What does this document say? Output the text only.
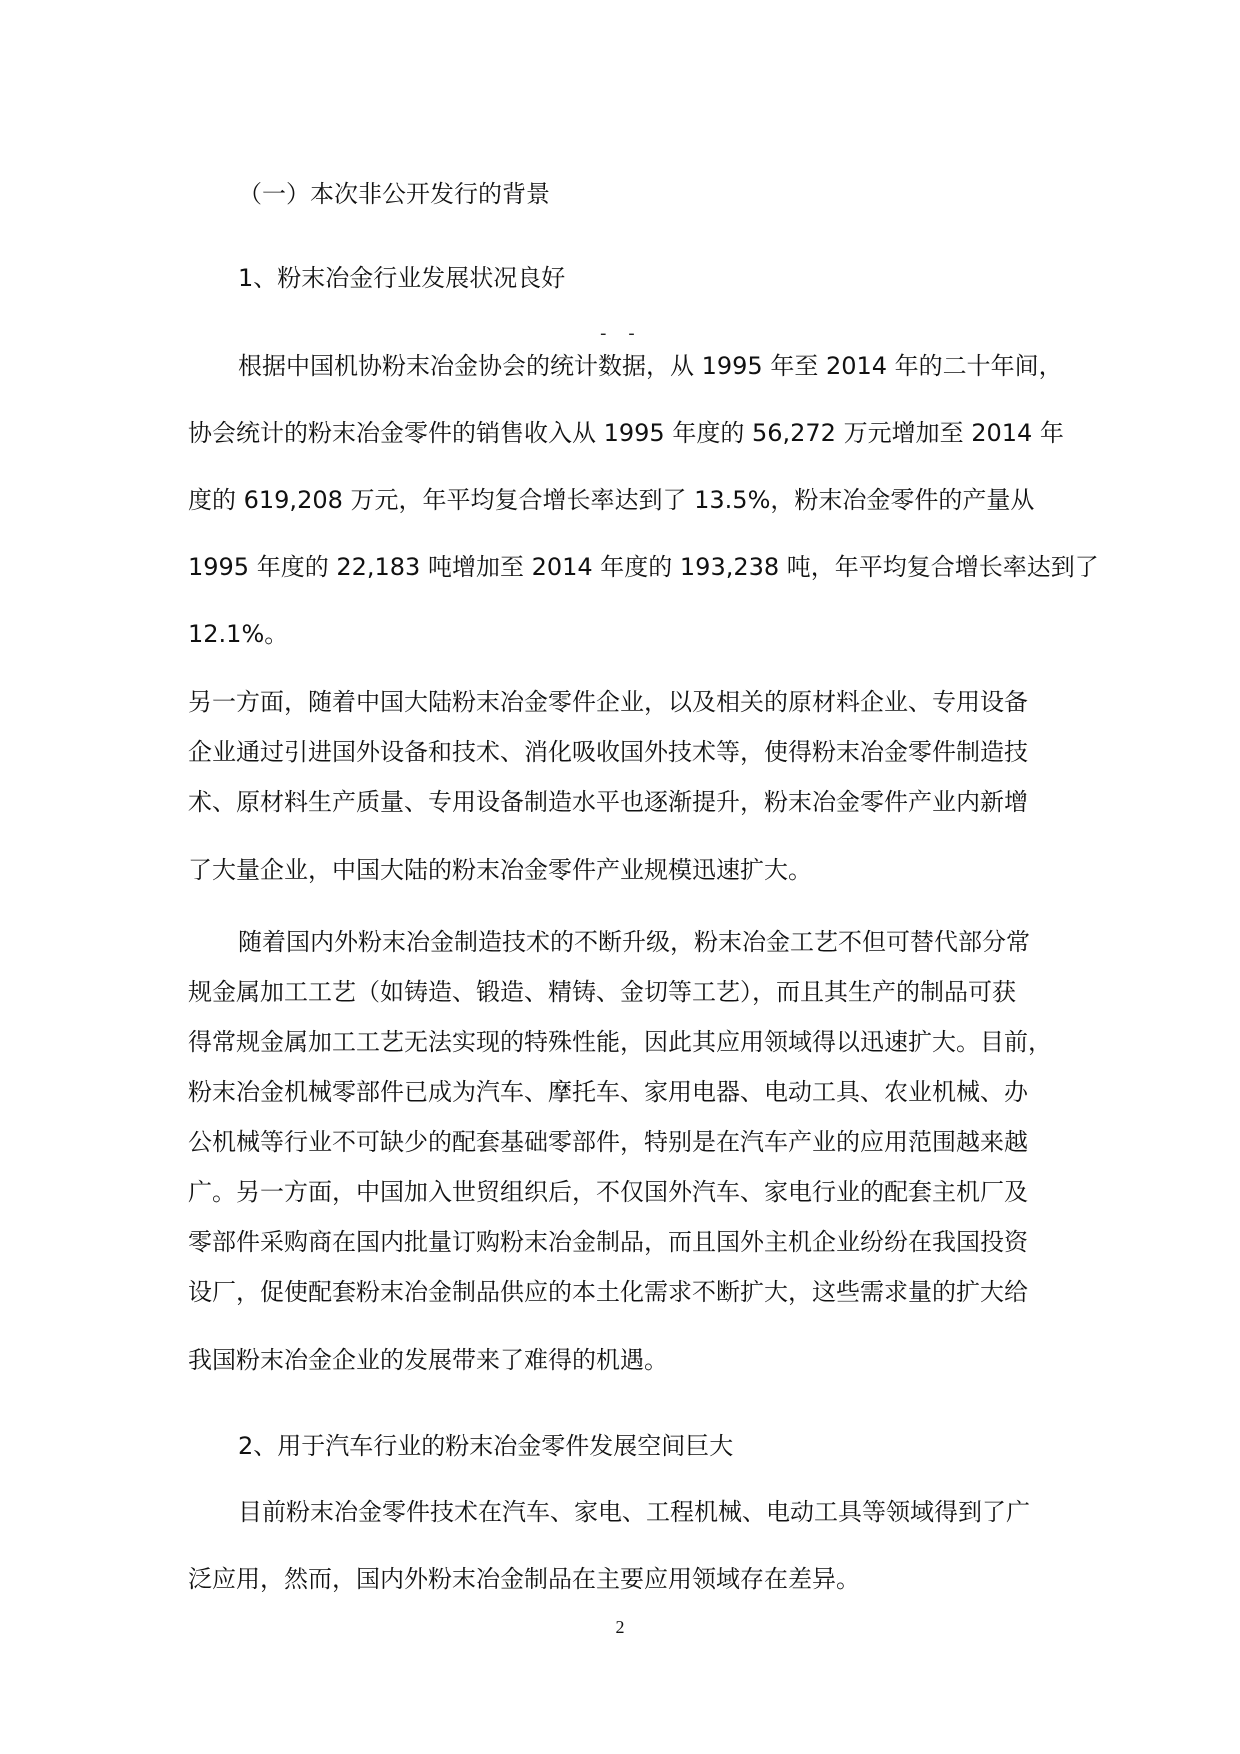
（一）本次非公开发行的背景

1、粉末冶金行业发展状况良好

- -

根据中国机协粉末冶金协会的统计数据，从 1995 年至 2014 年的二十年间，

协会统计的粉末冶金零件的销售收入从 1995 年度的 56,272 万元增加至 2014 年

度的 619,208 万元，年平均复合增长率达到了 13.5%，粉末冶金零件的产量从

1995 年度的 22,183 吨增加至 2014 年度的 193,238 吨，年平均复合增长率达到了

12.1%。

另一方面，随着中国大陆粉末冶金零件企业，以及相关的原材料企业、专用设备

企业通过引进国外设备和技术、消化吸收国外技术等，使得粉末冶金零件制造技

术、原材料生产质量、专用设备制造水平也逐渐提升，粉末冶金零件产业内新增

了大量企业，中国大陆的粉末冶金零件产业规模迅速扩大。

随着国内外粉末冶金制造技术的不断升级，粉末冶金工艺不但可替代部分常

规金属加工工艺（如铸造、锻造、精铸、金切等工艺），而且其生产的制品可获

得常规金属加工工艺无法实现的特殊性能，因此其应用领域得以迅速扩大。目前，

粉末冶金机械零部件已成为汽车、摩托车、家用电器、电动工具、农业机械、办

公机械等行业不可缺少的配套基础零部件，特别是在汽车产业的应用范围越来越

广。另一方面，中国加入世贸组织后，不仅国外汽车、家电行业的配套主机厂及

零部件采购商在国内批量订购粉末冶金制品，而且国外主机企业纷纷在我国投资

设厂，促使配套粉末冶金制品供应的本土化需求不断扩大，这些需求量的扩大给

我国粉末冶金企业的发展带来了难得的机遇。

2、用于汽车行业的粉末冶金零件发展空间巨大

目前粉末冶金零件技术在汽车、家电、工程机械、电动工具等领域得到了广

泛应用，然而，国内外粉末冶金制品在主要应用领域存在差异。

2
